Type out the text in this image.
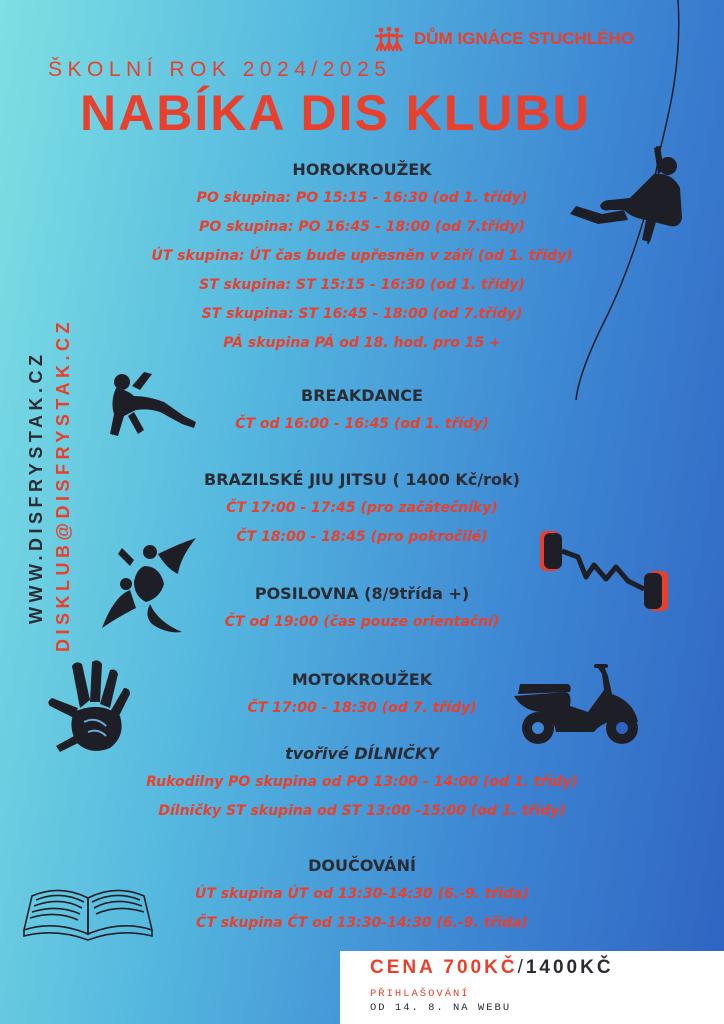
DŮM IGNÁCE STUCHLÉHO
ŠKOLNÍ ROK 2024/2025
NABÍKA DIS KLUBU
WWW.DISFRYSTAK.CZ DISKLUB@DISFRYSTAK.CZ
HOROKROUŽEK
PO skupina: PO 15:15 - 16:30 (od 1. třídy)
PO skupina: PO 16:45 - 18:00 (od 7.třídy)
ÚT skupina: ÚT čas bude upřesněn v září (od 1. třídy)
ST skupina: ST 15:15 - 16:30 (od 1. třídy)
ST skupina: ST 16:45 - 18:00 (od 7.třídy)
PÁ skupina PÁ od 18. hod. pro 15 +
BREAKDANCE
ČT od 16:00 - 16:45 (od 1. třídy)
BRAZILSKÉ JIU JITSU ( 1400 Kč/rok)
ČT 17:00 - 17:45 (pro začátečníky)
ČT 18:00 - 18:45 (pro pokročilé)
POSILOVNA (8/9třída +)
ČT od 19:00 (čas pouze orientační)
MOTOKROUŽEK
ČT 17:00 - 18:30 (od 7. třídy)
tvořivé DÍLNIČKY
Rukodilny PO skupina od PO 13:00 - 14:00 (od 1. třídy)
Dílničky ST skupina od ST 13:00 -15:00 (od 1. třídy)
DOUČOVÁNÍ
ÚT skupina ÚT od 13:30-14:30 (6.-9. třída)
ČT skupina ČT od 13:30-14:30 (6.-9. třída)
CENA 700KČ/1400KČ
PŘIHLAŠOVÁNÍ
OD 14. 8. NA WEBU
